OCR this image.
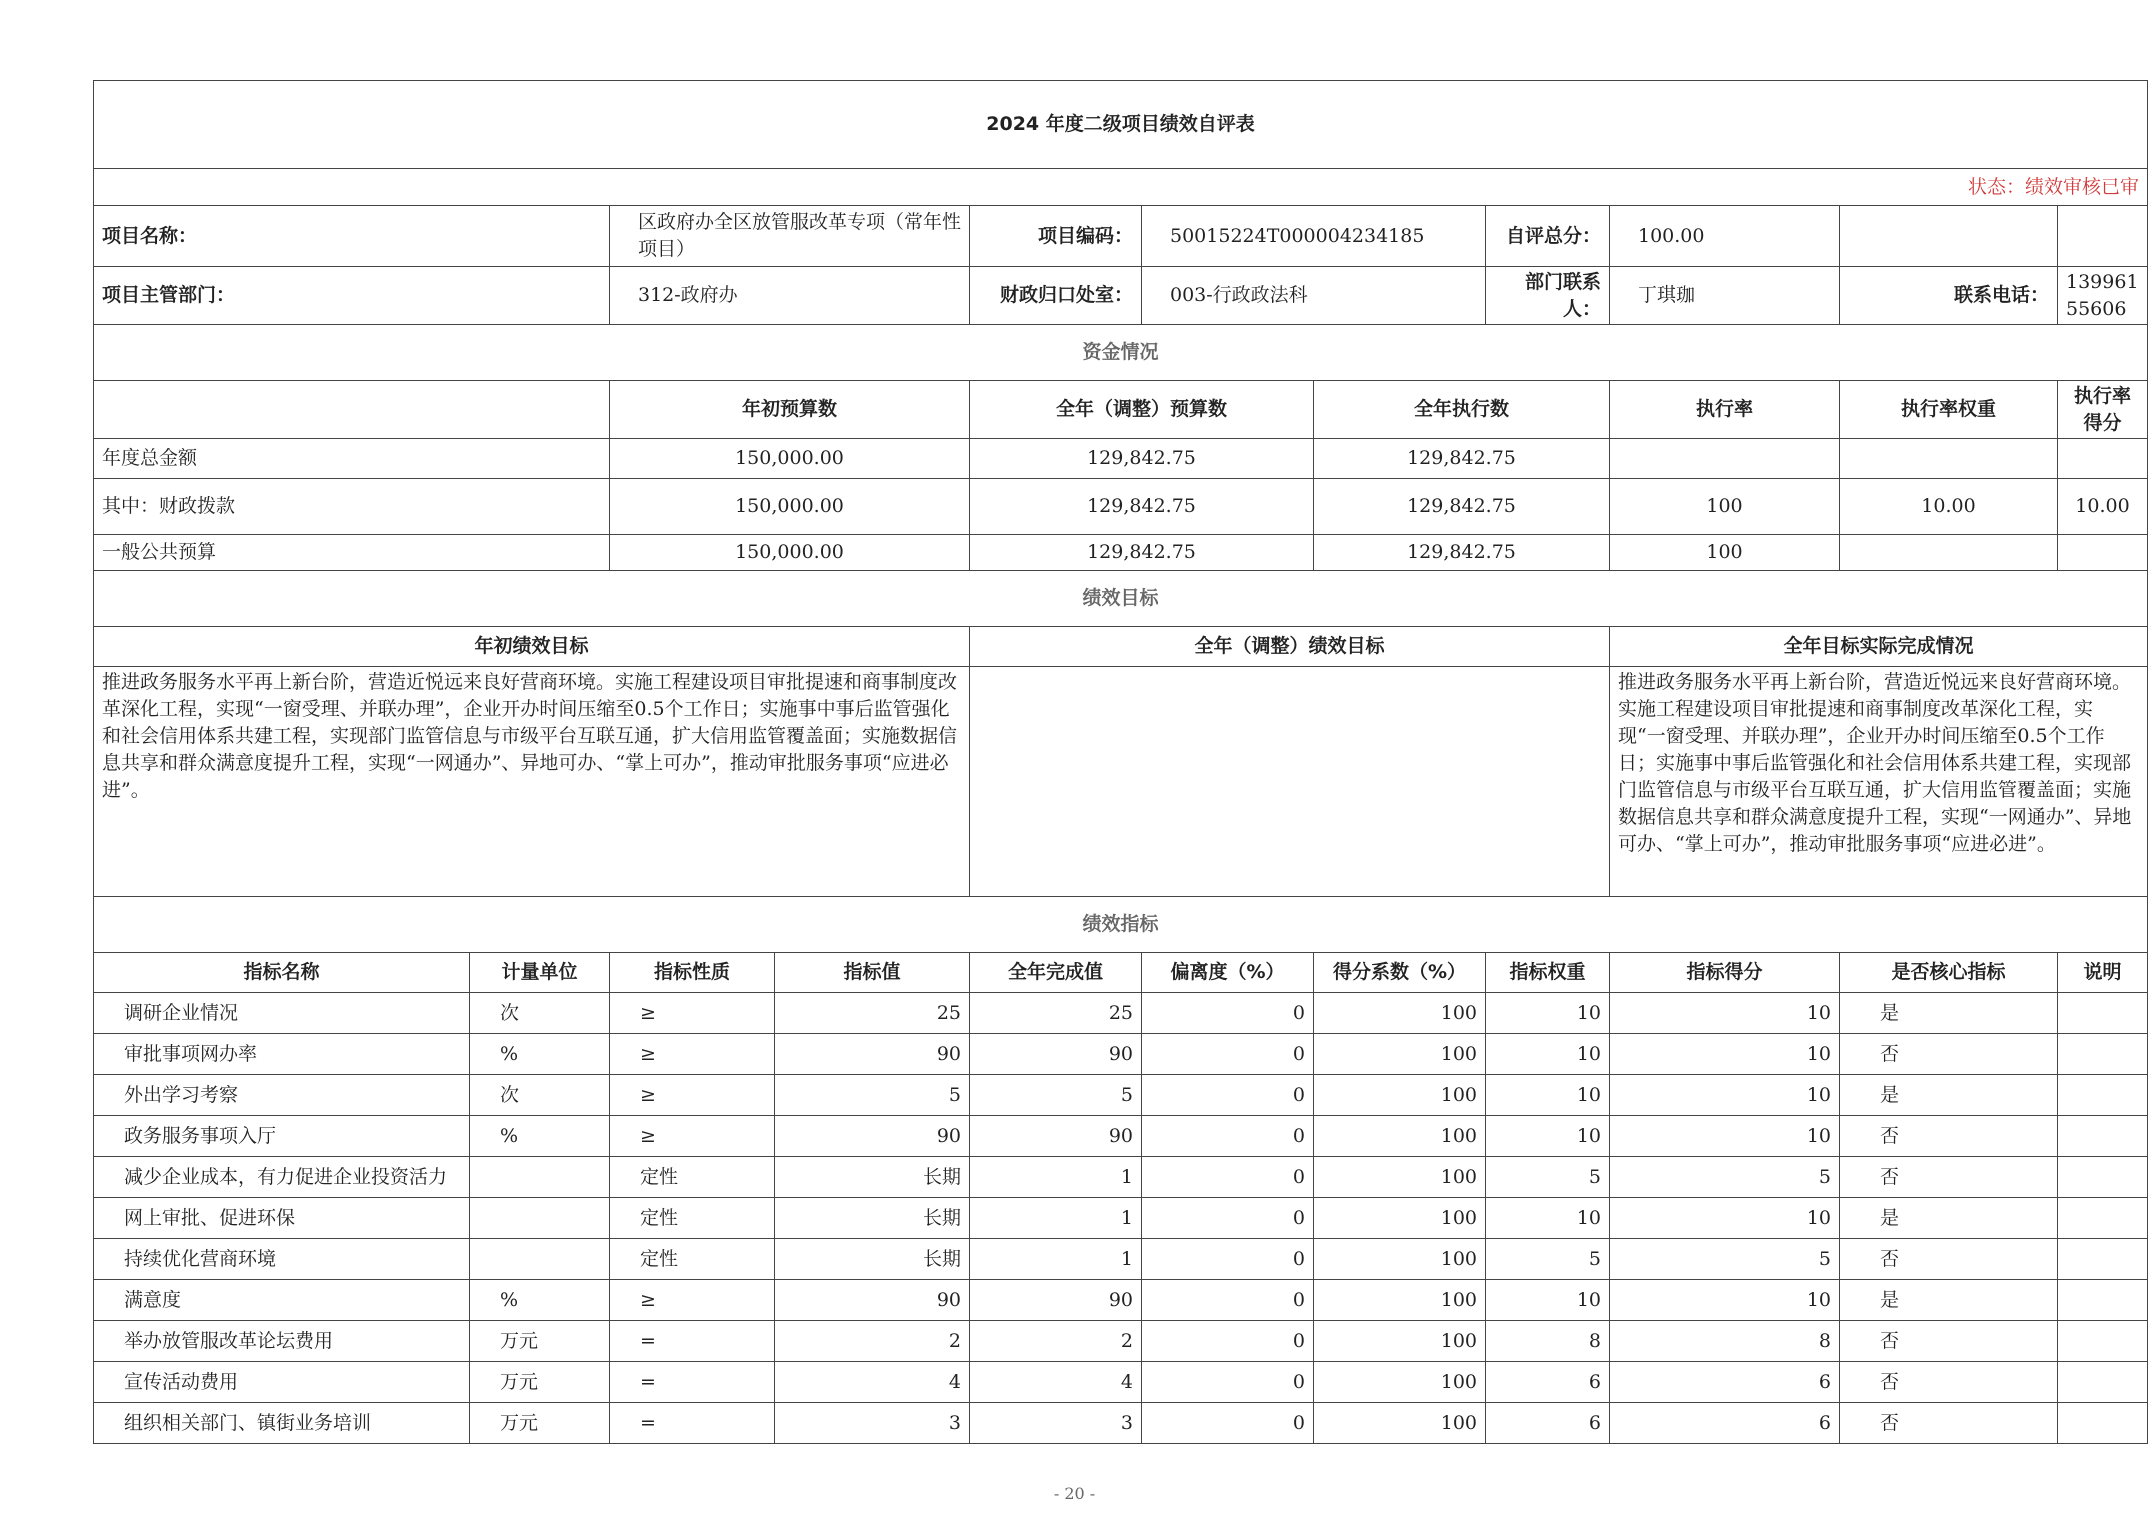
2024 年度二级项目绩效自评表										
状态：绩效审核已审										
项目名称：		区政府办全区放管服改革专项（常年性项目）		项目编码：	50015224T000004234185		自评总分：	100.00		
项目主管部门：		312-政府办		财政归口处室：	003-行政政法科		部门联系人：	丁琪珈	联系电话：	13996155606
资金情况										
		年初预算数		全年（调整）预算数		全年执行数		执行率	执行率权重	执行率得分
年度总金额		150,000.00		129,842.75		129,842.75				
其中：财政拨款		150,000.00		129,842.75		129,842.75		100	10.00	10.00
一般公共预算		150,000.00		129,842.75		129,842.75		100		
绩效目标										
年初绩效目标				全年（调整）绩效目标				全年目标实际完成情况		
推进政务服务水平再上新台阶，营造近悦远来良好营商环境。实施工程建设项目审批提速和商事制度改革深化工程，实现“一窗受理、并联办理”，企业开办时间压缩至0.5个工作日；实施事中事后监管强化和社会信用体系共建工程，实现部门监管信息与市级平台互联互通，扩大信用监管覆盖面；实施数据信息共享和群众满意度提升工程，实现“一网通办”、异地可办、“掌上可办”，推动审批服务事项“应进必进”。								推进政务服务水平再上新台阶，营造近悦远来良好营商环境。实施工程建设项目审批提速和商事制度改革深化工程，实现“一窗受理、并联办理”，企业开办时间压缩至0.5个工作日；实施事中事后监管强化和社会信用体系共建工程，实现部门监管信息与市级平台互联互通，扩大信用监管覆盖面；实施数据信息共享和群众满意度提升工程，实现“一网通办”、异地可办、“掌上可办”，推动审批服务事项“应进必进”。		
绩效指标										
指标名称	计量单位	指标性质	指标值	全年完成值	偏离度（%）	得分系数（%）	指标权重	指标得分	是否核心指标	说明
调研企业情况	次	≥	25	25	0	100	10	10	是	
审批事项网办率	%	≥	90	90	0	100	10	10	否	
外出学习考察	次	≥	5	5	0	100	10	10	是	
政务服务事项入厅	%	≥	90	90	0	100	10	10	否	
减少企业成本，有力促进企业投资活力		定性	长期	1	0	100	5	5	否	
网上审批、促进环保		定性	长期	1	0	100	10	10	是	
持续优化营商环境		定性	长期	1	0	100	5	5	否	
满意度	%	≥	90	90	0	100	10	10	是	
举办放管服改革论坛费用	万元	=	2	2	0	100	8	8	否	
宣传活动费用	万元	=	4	4	0	100	6	6	否	
组织相关部门、镇街业务培训	万元	=	3	3	0	100	6	6	否	
- 20 -
